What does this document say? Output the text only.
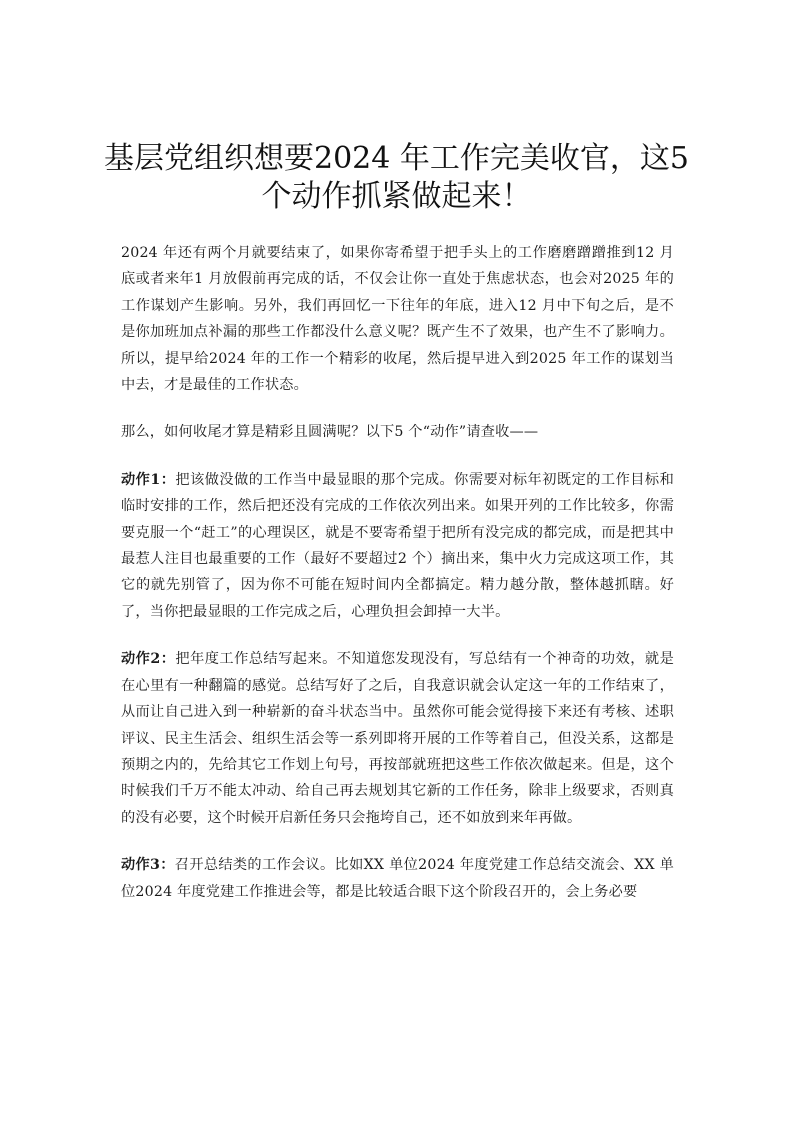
基层党组织想要2024 年工作完美收官，这5 个动作抓紧做起来！

2024 年还有两个月就要结束了，如果你寄希望于把手头上的工作磨磨蹭蹭推到12 月底或者来年1 月放假前再完成的话，不仅会让你一直处于焦虑状态，也会对2025 年的工作谋划产生影响。另外，我们再回忆一下往年的年底，进入12 月中下旬之后，是不是你加班加点补漏的那些工作都没什么意义呢？既产生不了效果，也产生不了影响力。所以，提早给2024 年的工作一个精彩的收尾，然后提早进入到2025 年工作的谋划当中去，才是最佳的工作状态。

那么，如何收尾才算是精彩且圆满呢？以下5 个“动作”请查收——

动作1：把该做没做的工作当中最显眼的那个完成。你需要对标年初既定的工作目标和临时安排的工作，然后把还没有完成的工作依次列出来。如果开列的工作比较多，你需要克服一个“赶工”的心理误区，就是不要寄希望于把所有没完成的都完成，而是把其中最惹人注目也最重要的工作（最好不要超过2 个）摘出来，集中火力完成这项工作，其它的就先别管了，因为你不可能在短时间内全都搞定。精力越分散，整体越抓瞎。好了，当你把最显眼的工作完成之后，心理负担会卸掉一大半。

动作2：把年度工作总结写起来。不知道您发现没有，写总结有一个神奇的功效，就是在心里有一种翻篇的感觉。总结写好了之后，自我意识就会认定这一年的工作结束了，从而让自己进入到一种崭新的奋斗状态当中。虽然你可能会觉得接下来还有考核、述职评议、民主生活会、组织生活会等一系列即将开展的工作等着自己，但没关系，这都是预期之内的，先给其它工作划上句号，再按部就班把这些工作依次做起来。但是，这个时候我们千万不能太冲动、给自己再去规划其它新的工作任务，除非上级要求，否则真的没有必要，这个时候开启新任务只会拖垮自己，还不如放到来年再做。

动作3：召开总结类的工作会议。比如XX 单位2024 年度党建工作总结交流会、XX 单位2024 年度党建工作推进会等，都是比较适合眼下这个阶段召开的，会上务必要
